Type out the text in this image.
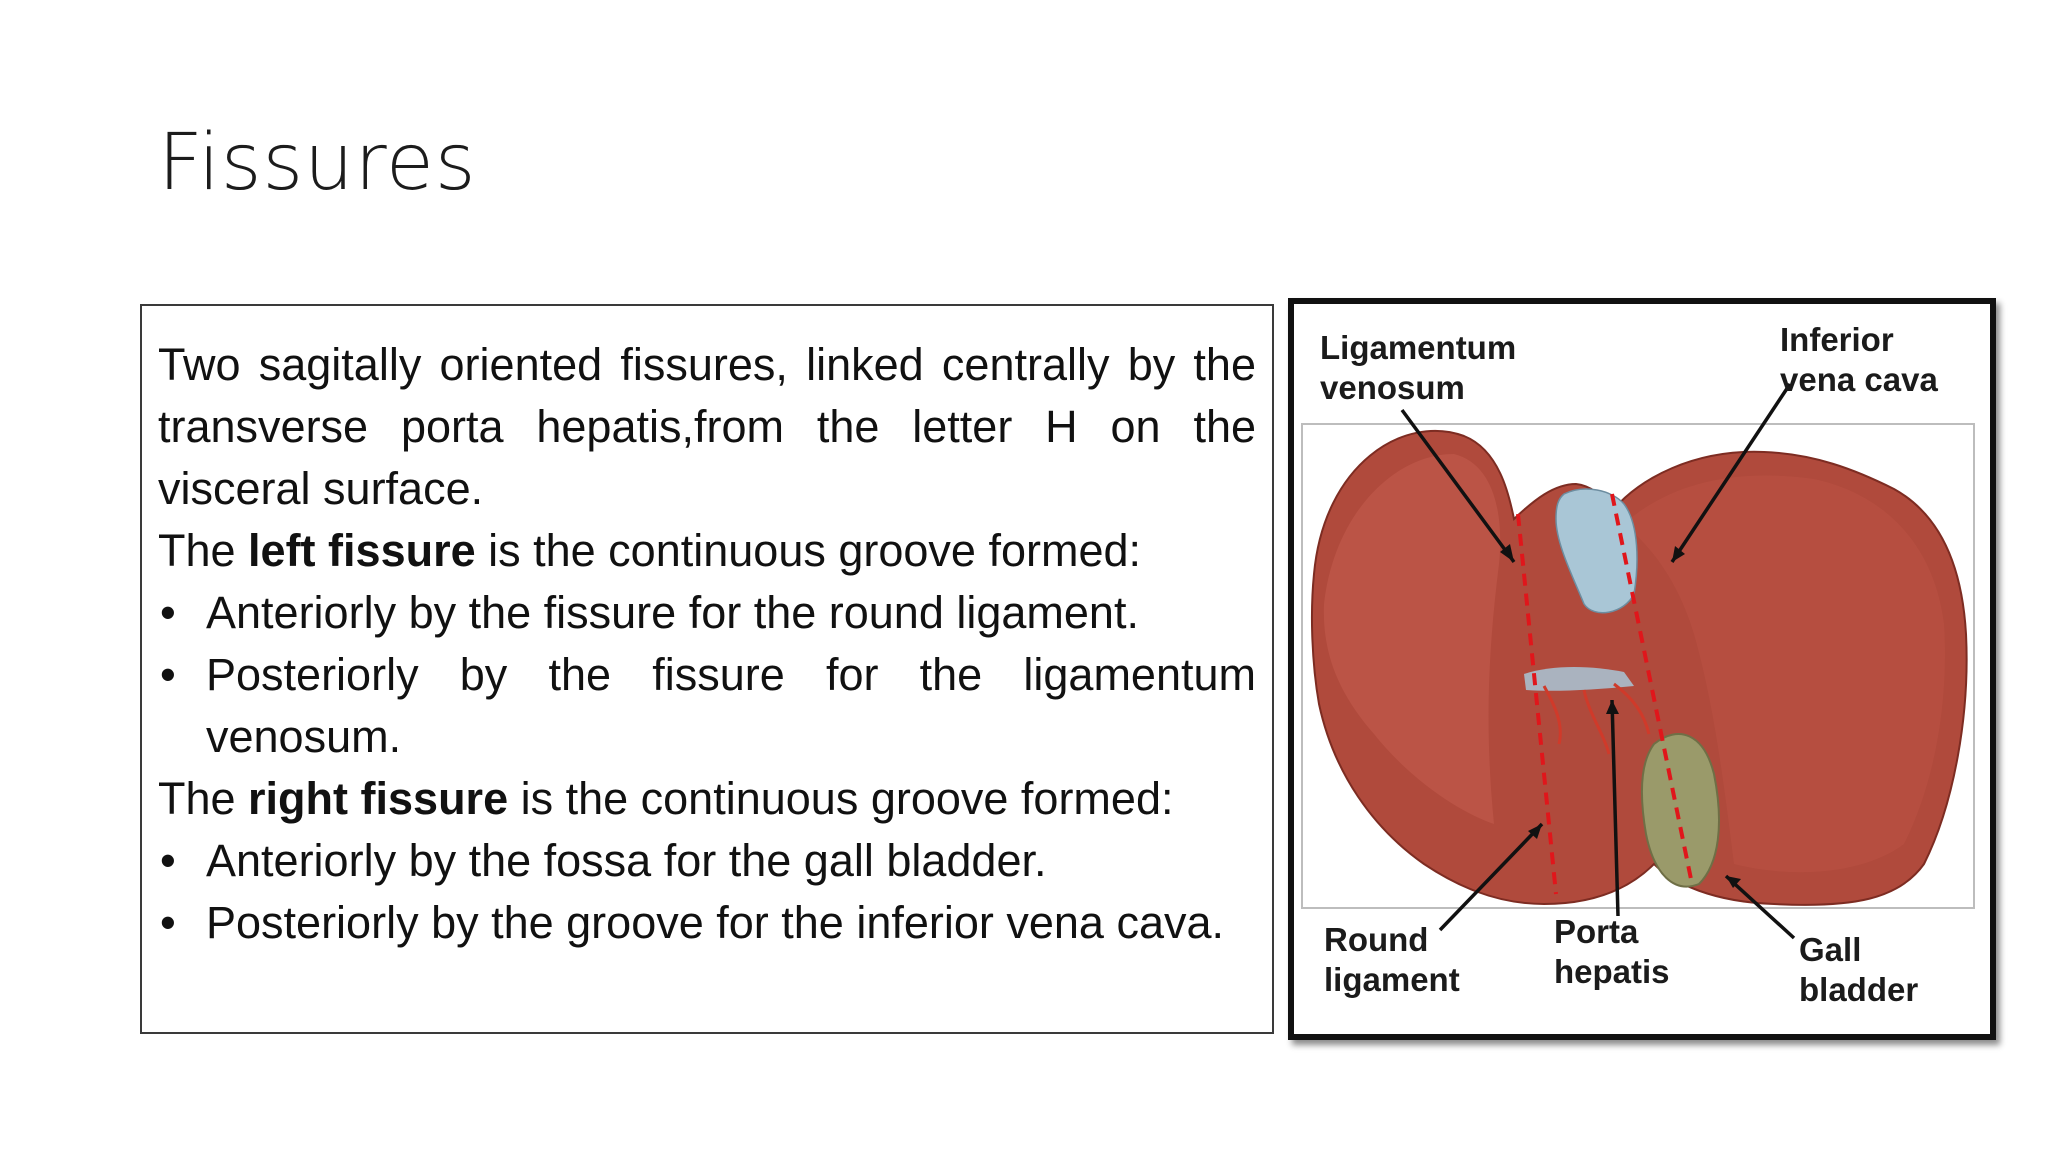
Fissures

Two sagitally oriented fissures, linked centrally by the transverse porta hepatis,from the letter H on the visceral surface.

The left fissure is the continuous groove formed:

• Anteriorly by the fissure for the round ligament.
• Posteriorly by the fissure for the ligamentum venosum.

The right fissure is the continuous groove formed:

• Anteriorly by the fossa for the gall bladder.
• Posteriorly by the groove for the inferior vena cava.
Ligamentum
venosum
Inferior
vena cava
Round
ligament
Porta
hepatis
Gall
bladder
